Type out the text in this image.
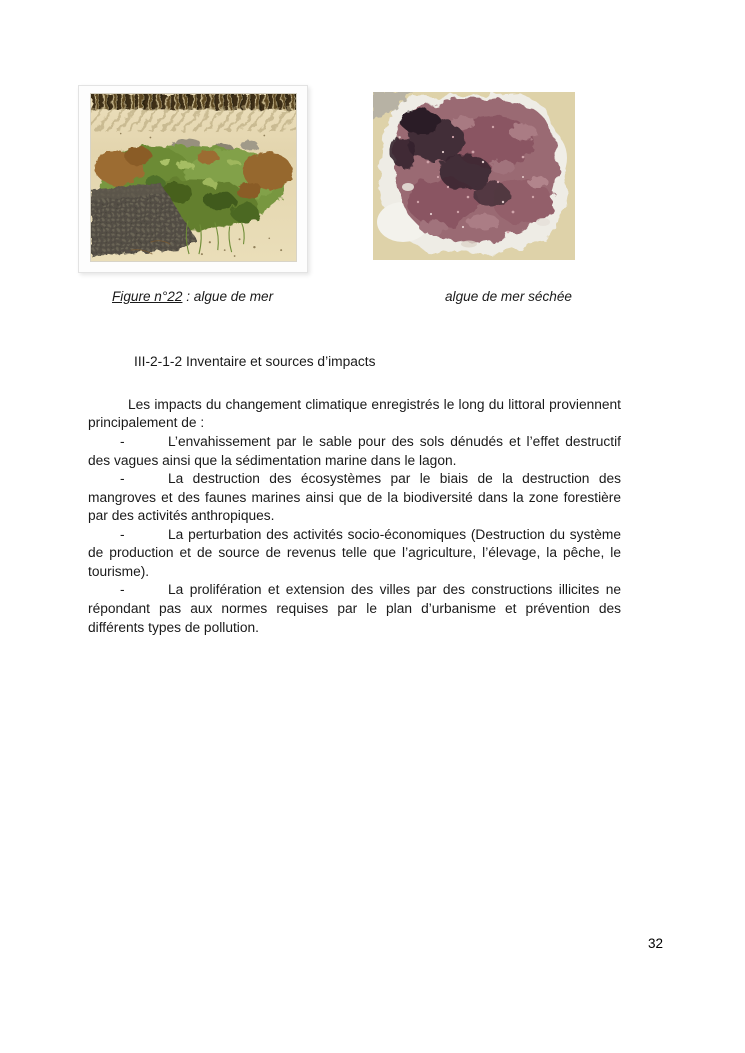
Figure n°22 : algue de mer	algue de mer séchée
III-2-1-2 Inventaire et sources d’impacts

Les impacts du changement climatique enregistrés le long du littoral proviennent principalement de :

-	L’envahissement par le sable pour des sols dénudés et l’effet destructif des vagues ainsi que la sédimentation marine dans le lagon.

-	La destruction des écosystèmes par le biais de la destruction des mangroves et des faunes marines ainsi que de la biodiversité dans la zone forestière par des activités anthropiques.

-	La perturbation des activités socio-économiques (Destruction du système de production et de source de revenus telle que l’agriculture, l’élevage, la pêche, le tourisme).

-	La prolifération et extension des villes par des constructions illicites ne répondant pas aux normes requises par le plan d’urbanisme et prévention des différents types de pollution.

32
